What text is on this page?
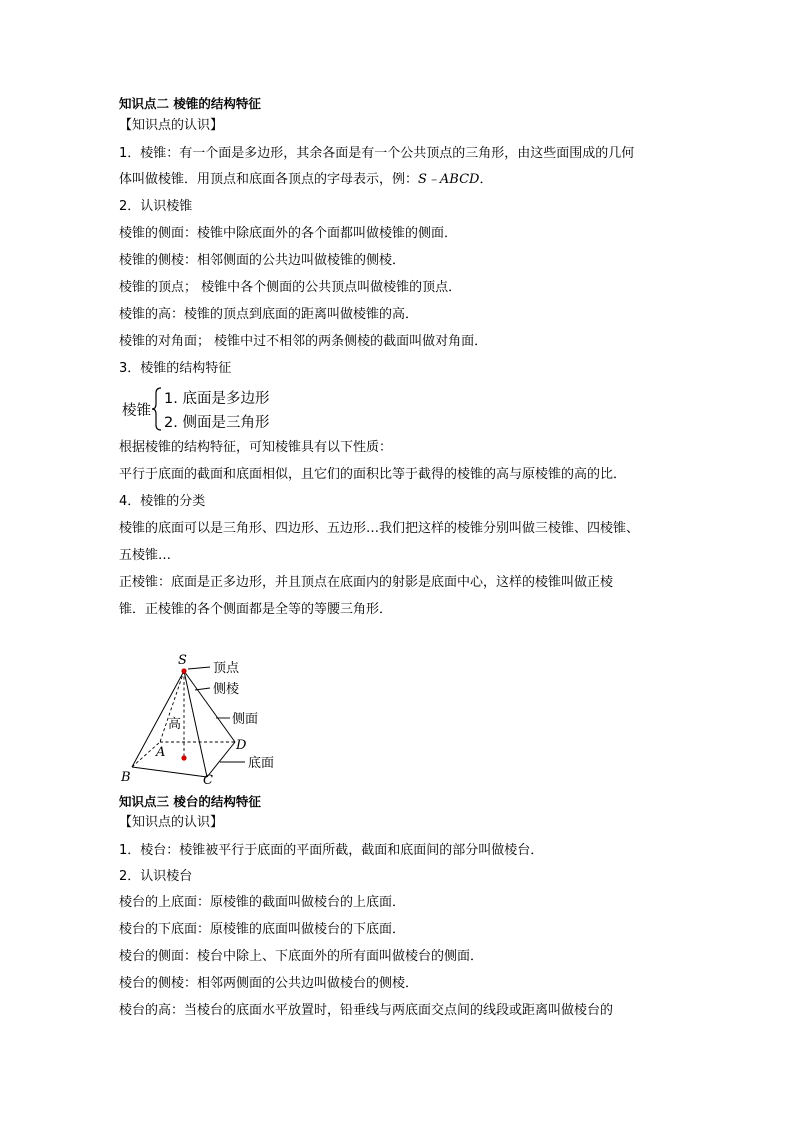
知识点二 棱锥的结构特征
【知识点的认识】
1．棱锥：有一个面是多边形，其余各面是有一个公共顶点的三角形，由这些面围成的几何
体叫做棱锥．用顶点和底面各顶点的字母表示，例：S﹣ABCD．
2．认识棱锥
棱锥的侧面：棱锥中除底面外的各个面都叫做棱锥的侧面．
棱锥的侧棱：相邻侧面的公共边叫做棱锥的侧棱．
棱锥的顶点； 棱锥中各个侧面的公共顶点叫做棱锥的顶点．
棱锥的高：棱锥的顶点到底面的距离叫做棱锥的高．
棱锥的对角面； 棱锥中过不相邻的两条侧棱的截面叫做对角面．
3．棱锥的结构特征
棱锥
1. 底面是多边形
2. 侧面是三角形
根据棱锥的结构特征，可知棱锥具有以下性质：
平行于底面的截面和底面相似，且它们的面积比等于截得的棱锥的高与原棱锥的高的比．
4．棱锥的分类
棱锥的底面可以是三角形、四边形、五边形…我们把这样的棱锥分别叫做三棱锥、四棱锥、
五棱锥…
正棱锥：底面是正多边形，并且顶点在底面内的射影是底面中心，这样的棱锥叫做正棱
锥．正棱锥的各个侧面都是全等的等腰三角形．
S
A
B	C
D
顶点
侧棱
侧面
高
底面
知识点三 棱台的结构特征
【知识点的认识】
1．棱台：棱锥被平行于底面的平面所截，截面和底面间的部分叫做棱台．
2．认识棱台
棱台的上底面：原棱锥的截面叫做棱台的上底面．
棱台的下底面：原棱锥的底面叫做棱台的下底面．
棱台的侧面：棱台中除上、下底面外的所有面叫做棱台的侧面．
棱台的侧棱：相邻两侧面的公共边叫做棱台的侧棱．
棱台的高：当棱台的底面水平放置时，铅垂线与两底面交点间的线段或距离叫做棱台的
